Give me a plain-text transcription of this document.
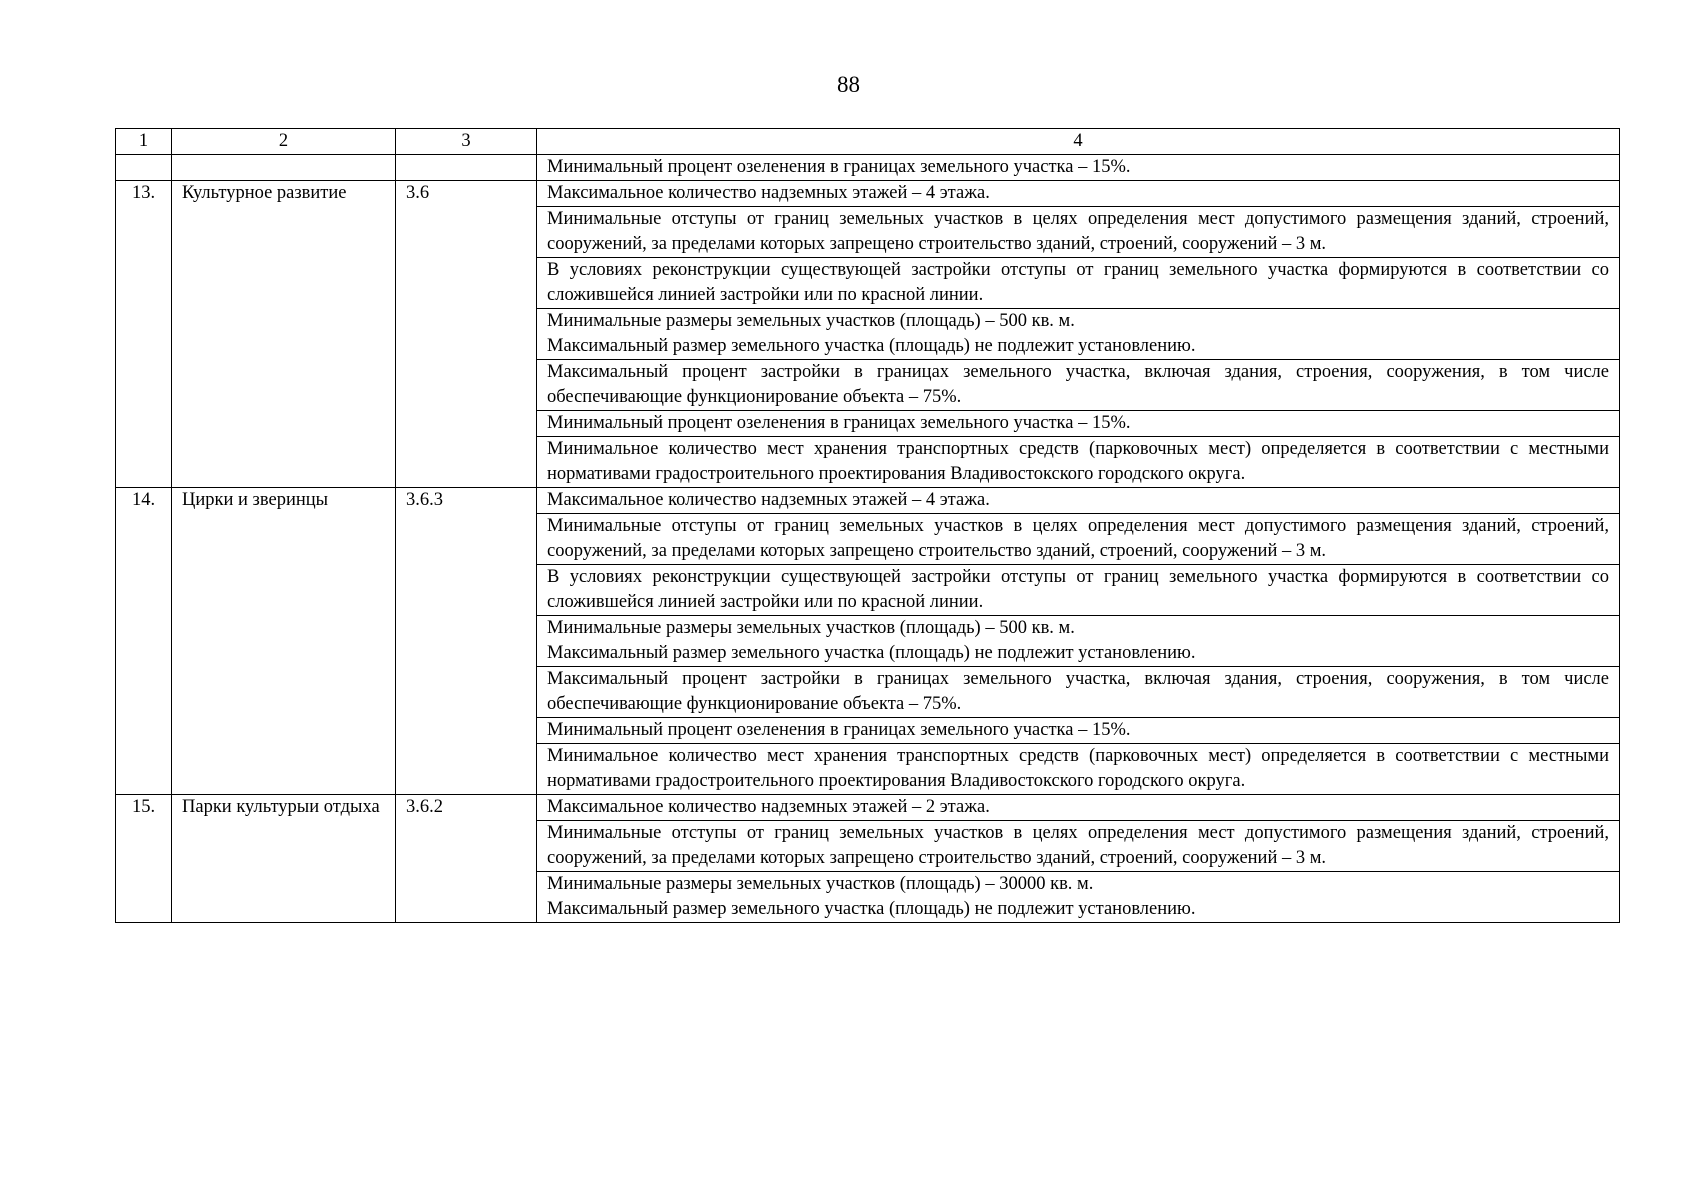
88
1	2	3	4
			Минимальный процент озеленения в границах земельного участка – 15%.
13.	Культурное развитие	3.6	Максимальное количество надземных этажей – 4 этажа.
			Минимальные отступы от границ земельных участков в целях определения мест допустимого размещения зданий, строений, сооружений, за пределами которых запрещено строительство зданий, строений, сооружений – 3 м.
			В условиях реконструкции существующей застройки отступы от границ земельного участка формируются в соответствии со сложившейся линией застройки или по красной линии.

			Минимальные размеры земельных участков (площадь) – 500 кв. м.
Максимальный размер земельного участка (площадь) не подлежит установлению.

			Максимальный процент застройки в границах земельного участка, включая здания, строения, сооружения, в том числе обеспечивающие функционирование объекта – 75%.
			Минимальный процент озеленения в границах земельного участка – 15%.
			Минимальное количество мест хранения транспортных средств (парковочных мест) определяется в соответствии с местными нормативами градостроительного проектирования Владивостокского городского округа.
14.	Цирки и зверинцы	3.6.3	Максимальное количество надземных этажей – 4 этажа.
			Минимальные отступы от границ земельных участков в целях определения мест допустимого размещения зданий, строений, сооружений, за пределами которых запрещено строительство зданий, строений, сооружений – 3 м.
			В условиях реконструкции существующей застройки отступы от границ земельного участка формируются в соответствии со сложившейся линией застройки или по красной линии.

			Минимальные размеры земельных участков (площадь) – 500 кв. м.
Максимальный размер земельного участка (площадь) не подлежит установлению.

			Максимальный процент застройки в границах земельного участка, включая здания, строения, сооружения, в том числе обеспечивающие функционирование объекта – 75%.
			Минимальный процент озеленения в границах земельного участка – 15%.
			Минимальное количество мест хранения транспортных средств (парковочных мест) определяется в соответствии с местными нормативами градостроительного проектирования Владивостокского городского округа.
15.	Парки культурыи отдыха	3.6.2	Максимальное количество надземных этажей – 2 этажа.
			Минимальные отступы от границ земельных участков в целях определения мест допустимого размещения зданий, строений, сооружений, за пределами которых запрещено строительство зданий, строений, сооружений – 3 м.

			Минимальные размеры земельных участков (площадь) – 30000 кв. м.
Максимальный размер земельного участка (площадь) не подлежит установлению.
